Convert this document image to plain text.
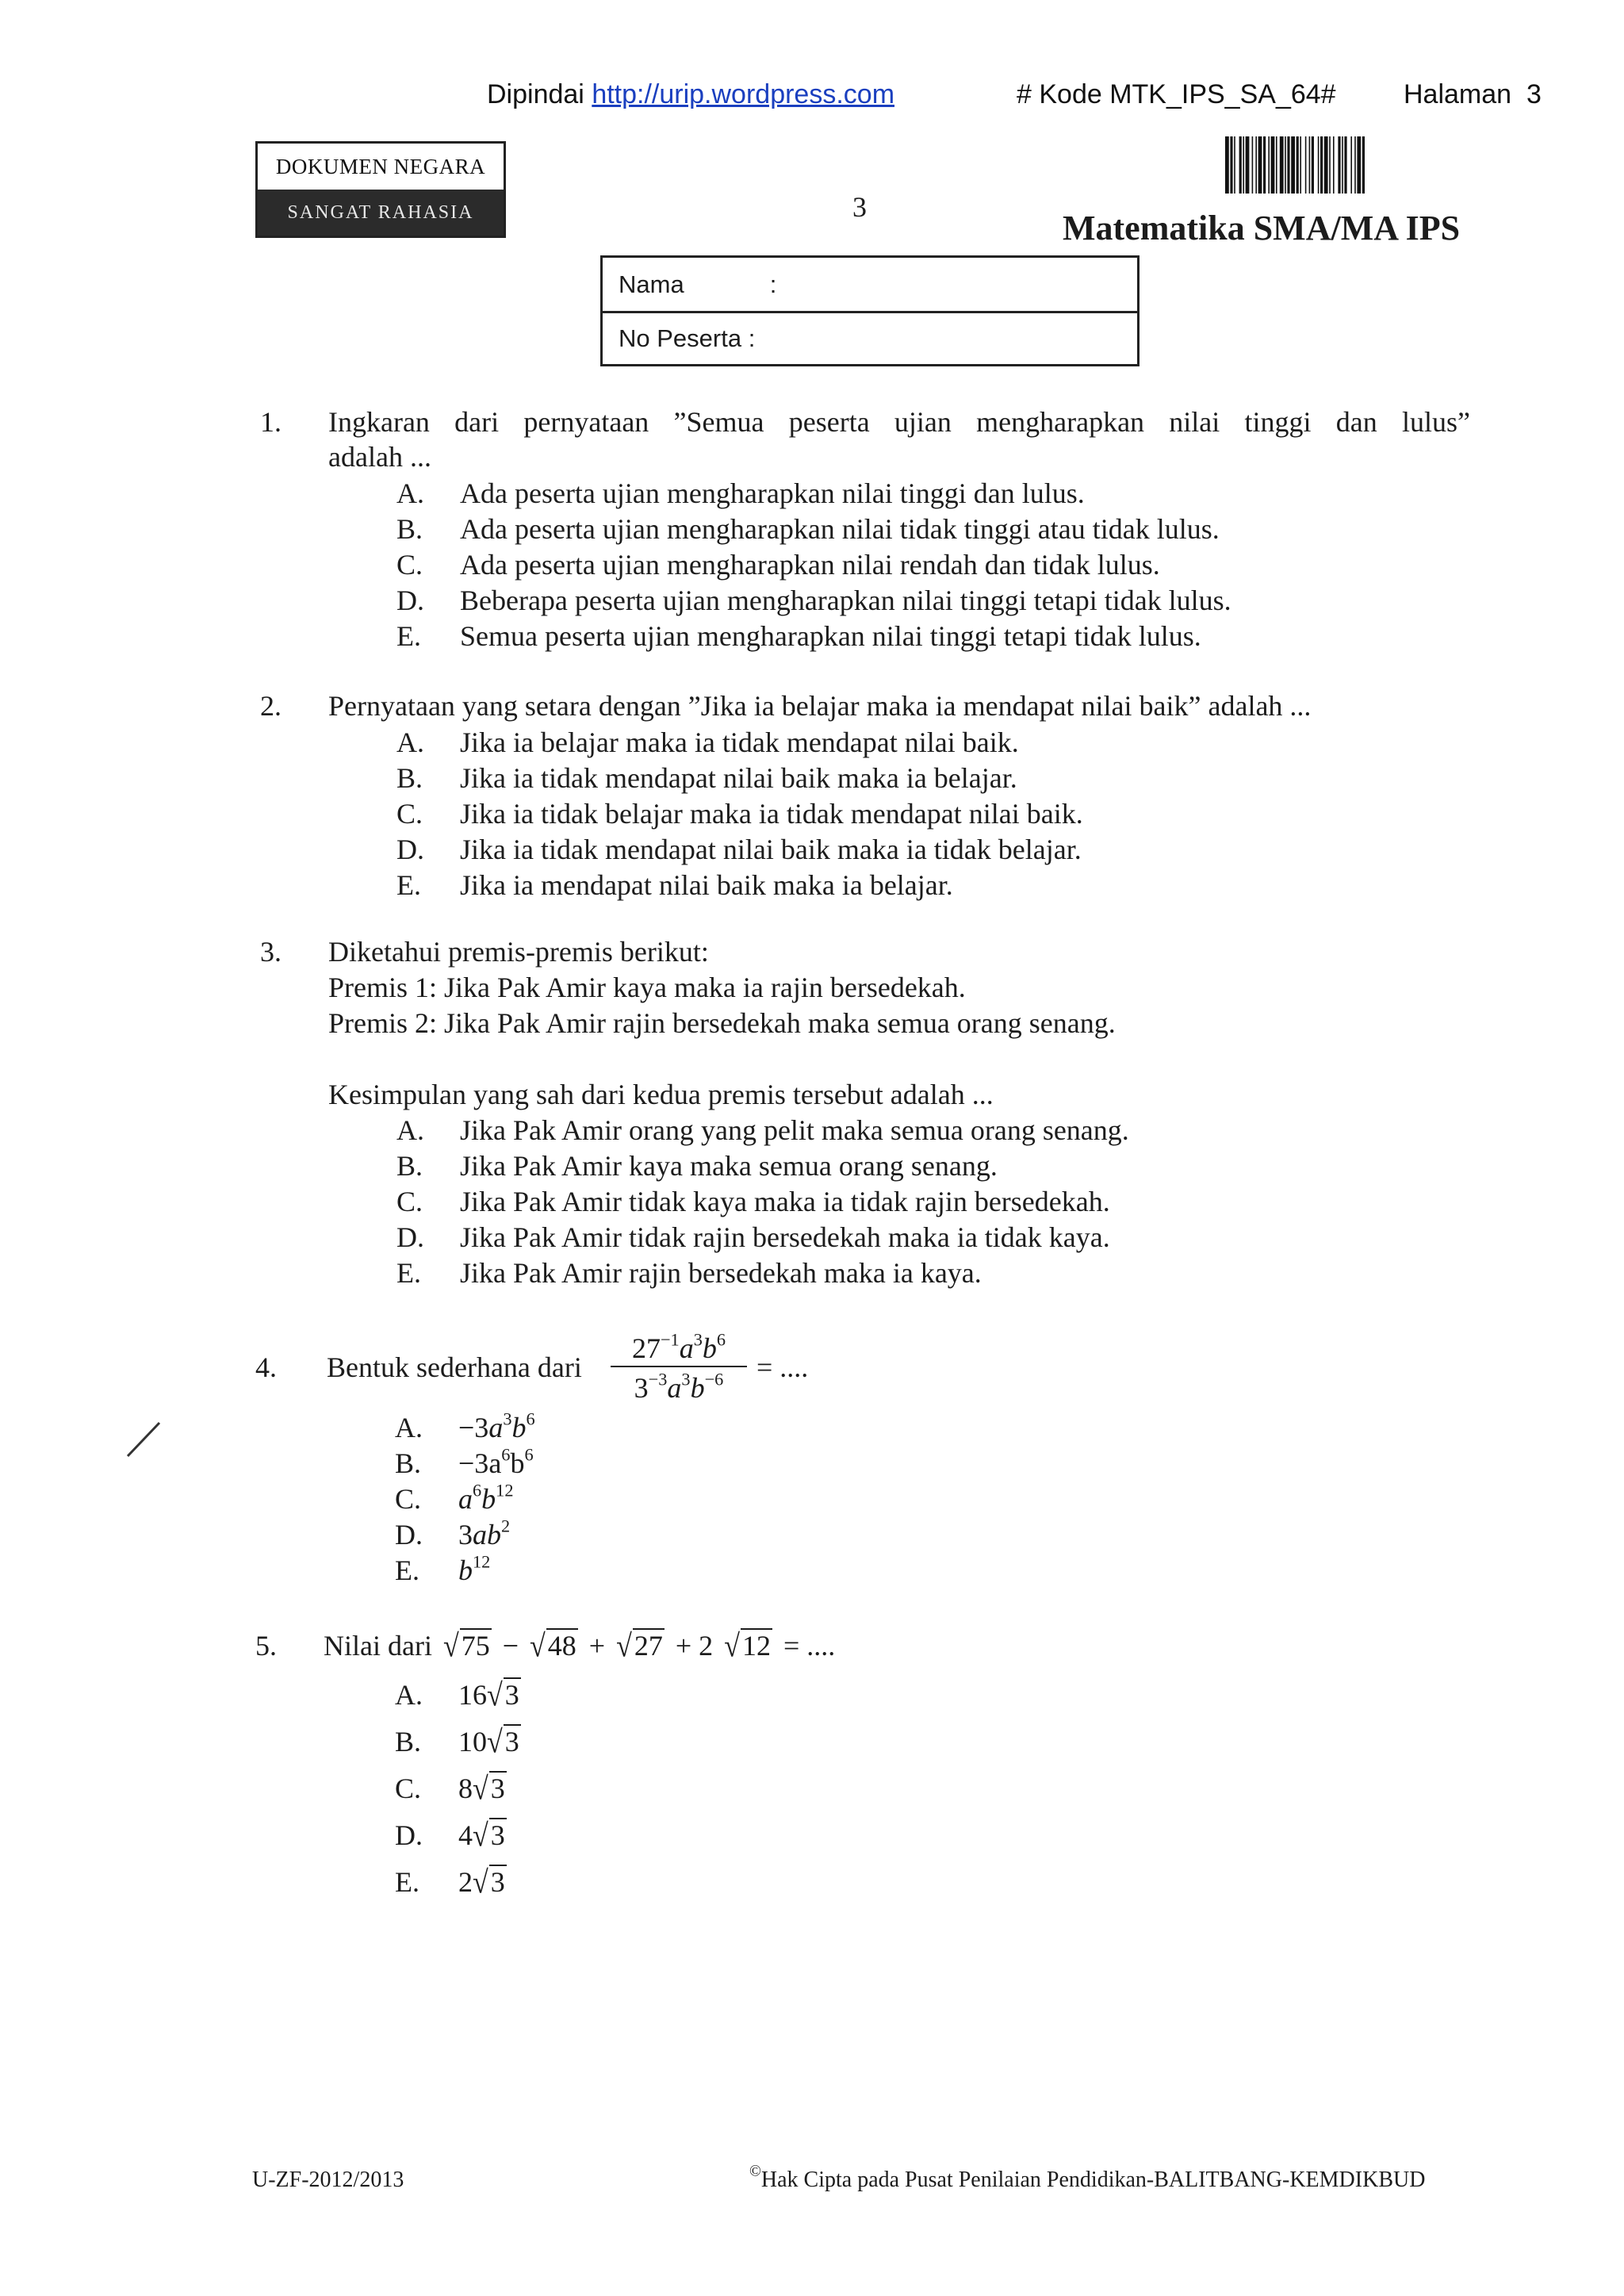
Dipindai http://urip.wordpress.com	# Kode MTK_IPS_SA_64#	Halaman 3
DOKUMEN NEGARA
SANGAT RAHASIA	3
Matematika SMA/MA IPS
Nama	:
No Peserta :
1. Ingkaran dari pernyataan ”Semua peserta ujian mengharapkan nilai tinggi dan lulus”
adalah ...
A. Ada peserta ujian mengharapkan nilai tinggi dan lulus.
B. Ada peserta ujian mengharapkan nilai tidak tinggi atau tidak lulus.
C. Ada peserta ujian mengharapkan nilai rendah dan tidak lulus.
D. Beberapa peserta ujian mengharapkan nilai tinggi tetapi tidak lulus.
E. Semua peserta ujian mengharapkan nilai tinggi tetapi tidak lulus.
2. Pernyataan yang setara dengan ”Jika ia belajar maka ia mendapat nilai baik” adalah ...
A. Jika ia belajar maka ia tidak mendapat nilai baik.
B. Jika ia tidak mendapat nilai baik maka ia belajar.
C. Jika ia tidak belajar maka ia tidak mendapat nilai baik.
D. Jika ia tidak mendapat nilai baik maka ia tidak belajar.
E. Jika ia mendapat nilai baik maka ia belajar.
3. Diketahui premis-premis berikut:
Premis 1: Jika Pak Amir kaya maka ia rajin bersedekah.
Premis 2: Jika Pak Amir rajin bersedekah maka semua orang senang.
Kesimpulan yang sah dari kedua premis tersebut adalah ...
A. Jika Pak Amir orang yang pelit maka semua orang senang.
B. Jika Pak Amir kaya maka semua orang senang.
C. Jika Pak Amir tidak kaya maka ia tidak rajin bersedekah.
D. Jika Pak Amir tidak rajin bersedekah maka ia tidak kaya.
E. Jika Pak Amir rajin bersedekah maka ia kaya.
4. Bentuk sederhana dari $\frac{27^{-1}a^3b^6}{3^{-3}a^3b^{-6}}$ = ....
A. $-3a^3b^6$
B. $-3a^6b^6$
C. $a^6b^{12}$
D. $3ab^2$
E. $b^{12}$
5. Nilai dari √75 − √48 + √27 + 2 √12 = ....
A. 16√3
B. 10√3
C. 8√3
D. 4√3
E. 2√3
U-ZF-2012/2013	©Hak Cipta pada Pusat Penilaian Pendidikan-BALITBANG-KEMDIKBUD
